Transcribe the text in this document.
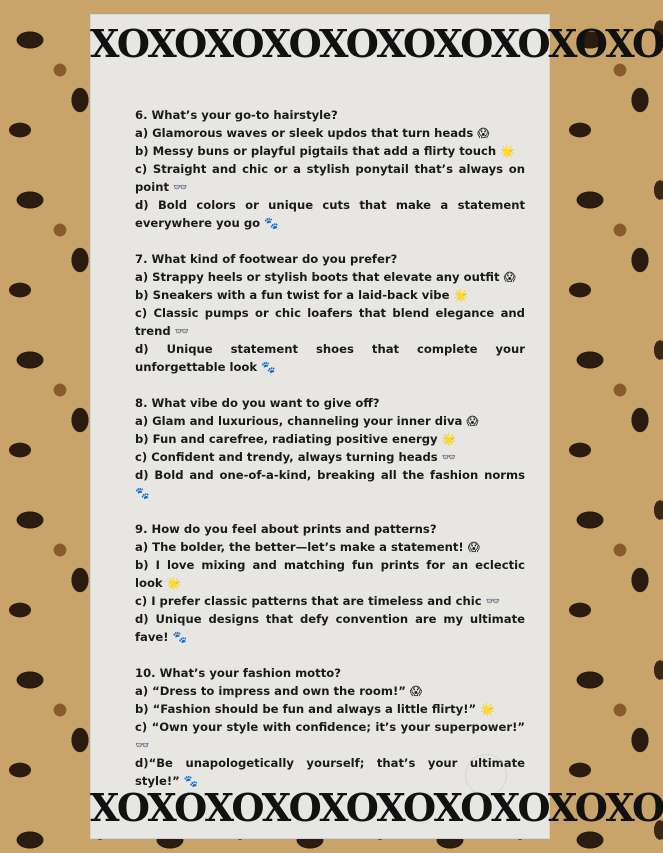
XOXOXOXOXOXOXOXOXOXO
6. What’s your go-to hairstyle?
a) Glamorous waves or sleek updos that turn heads 😱
b) Messy buns or playful pigtails that add a flirty touch 🌟
c) Straight and chic or a stylish ponytail that’s always on point 👓
d) Bold colors or unique cuts that make a statement everywhere you go 🐾
7. What kind of footwear do you prefer?
a) Strappy heels or stylish boots that elevate any outfit 😱
b) Sneakers with a fun twist for a laid-back vibe 🌟
c) Classic pumps or chic loafers that blend elegance and trend 👓
d) Unique statement shoes that complete your unforgettable look 🐾
8. What vibe do you want to give off?
a) Glam and luxurious, channeling your inner diva 😱
b) Fun and carefree, radiating positive energy 🌟
c) Confident and trendy, always turning heads 👓
d) Bold and one-of-a-kind, breaking all the fashion norms 🐾
9. How do you feel about prints and patterns?
a) The bolder, the better—let’s make a statement! 😱
b) I love mixing and matching fun prints for an eclectic look 🌟
c) I prefer classic patterns that are timeless and chic 👓
d) Unique designs that defy convention are my ultimate fave! 🐾
10. What’s your fashion motto?
a) “Dress to impress and own the room!” 😱
b) “Fashion should be fun and always a little flirty!” 🌟
c) “Own your style with confidence; it’s your superpower!” 👓
d)“Be unapologetically yourself; that’s your ultimate style!” 🐾
XOXOXOXOXOXOXOXOXOXO
